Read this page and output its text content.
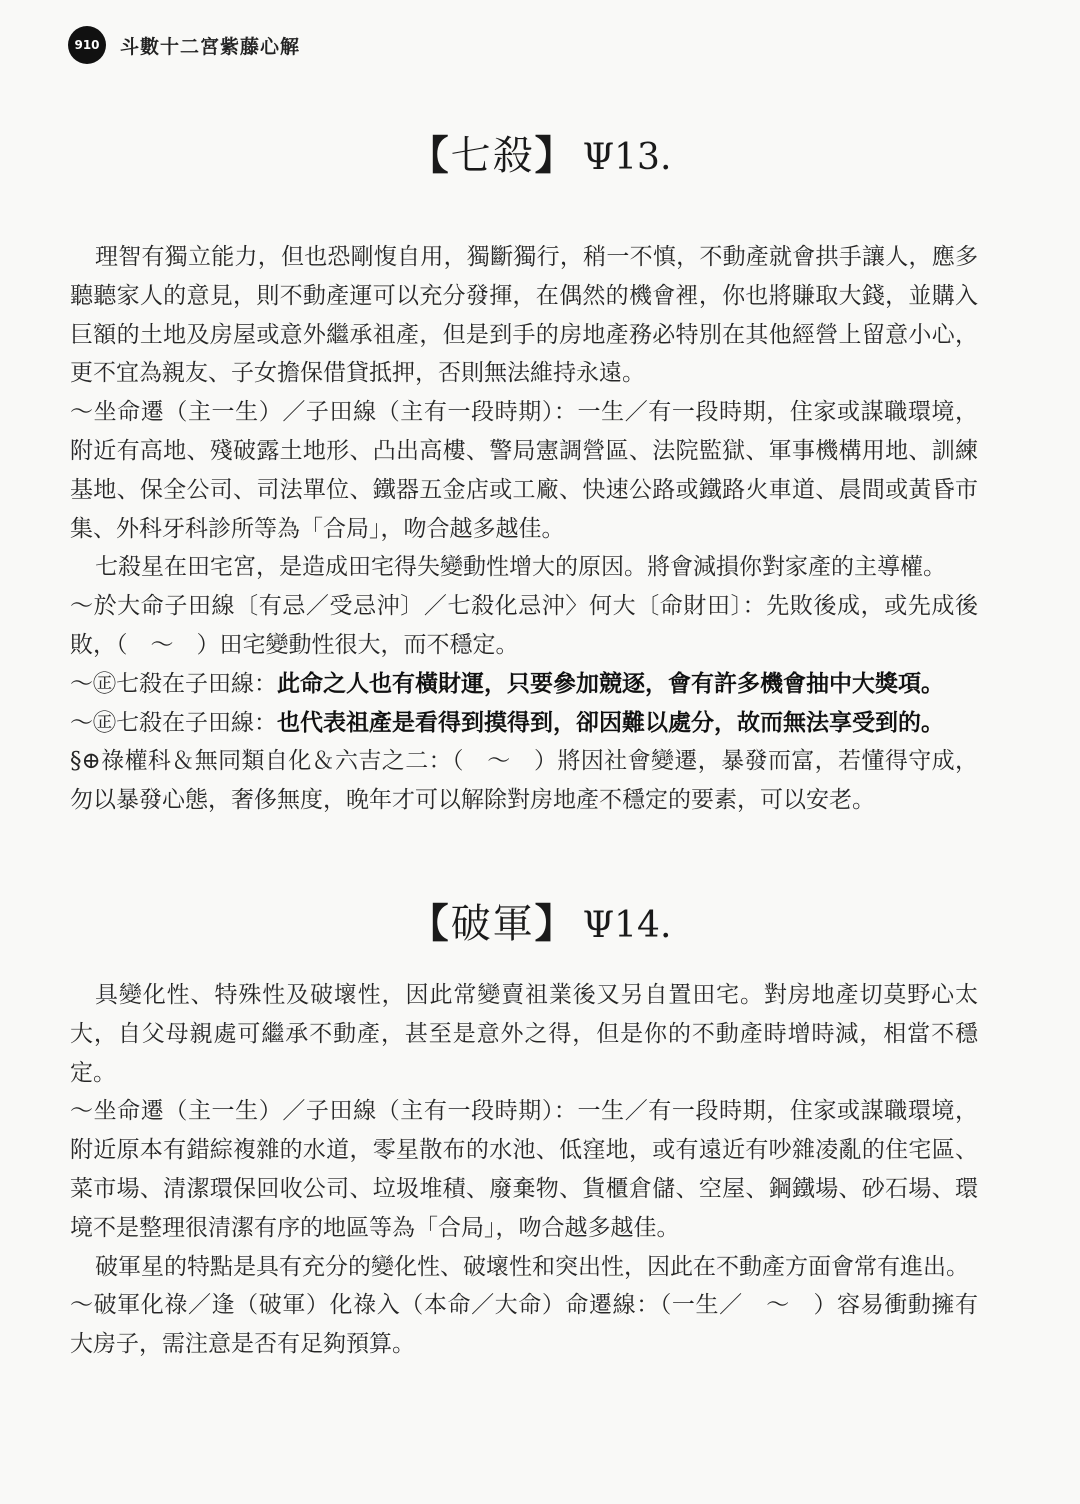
910	斗數十二宮紫藤心解
【七殺】 Ψ13.

理智有獨立能力，但也恐剛愎自用，獨斷獨行，稍一不慎，不動產就會拱手讓人，應多聽聽家人的意見，則不動產運可以充分發揮，在偶然的機會裡，你也將賺取大錢，並購入巨額的土地及房屋或意外繼承祖產，但是到手的房地產務必特別在其他經營上留意小心，更不宜為親友、子女擔保借貸抵押，否則無法維持永遠。

～坐命遷（主一生）／子田線（主有一段時期）：一生／有一段時期，住家或謀職環境，附近有高地、殘破露土地形、凸出高樓、警局憲調營區、法院監獄、軍事機構用地、訓練基地、保全公司、司法單位、鐵器五金店或工廠、快速公路或鐵路火車道、晨間或黃昏市集、外科牙科診所等為「合局」，吻合越多越佳。

七殺星在田宅宮，是造成田宅得失變動性增大的原因。將會減損你對家產的主導權。

～於大命子田線〔有忌／受忌沖〕／七殺化忌沖〉何大〔命財田〕：先敗後成，或先成後敗，（　～　）田宅變動性很大，而不穩定。

～㊣七殺在子田線：此命之人也有橫財運，只要參加競逐，會有許多機會抽中大獎項。

～㊣七殺在子田線：也代表祖產是看得到摸得到，卻因難以處分，故而無法享受到的。

§⊕祿權科＆無同類自化＆六吉之二：（　～　）將因社會變遷，暴發而富，若懂得守成，勿以暴發心態，奢侈無度，晚年才可以解除對房地產不穩定的要素，可以安老。

【破軍】 Ψ14.

具變化性、特殊性及破壞性，因此常變賣祖業後又另自置田宅。對房地產切莫野心太大，自父母親處可繼承不動產，甚至是意外之得，但是你的不動產時增時減，相當不穩定。

～坐命遷（主一生）／子田線（主有一段時期）：一生／有一段時期，住家或謀職環境，附近原本有錯綜複雜的水道，零星散布的水池、低窪地，或有遠近有吵雜凌亂的住宅區、菜市場、清潔環保回收公司、垃圾堆積、廢棄物、貨櫃倉儲、空屋、鋼鐵場、砂石場、環境不是整理很清潔有序的地區等為「合局」，吻合越多越佳。

破軍星的特點是具有充分的變化性、破壞性和突出性，因此在不動產方面會常有進出。

～破軍化祿／逢（破軍）化祿入（本命／大命）命遷線：（一生／　～　）容易衝動擁有大房子，需注意是否有足夠預算。
